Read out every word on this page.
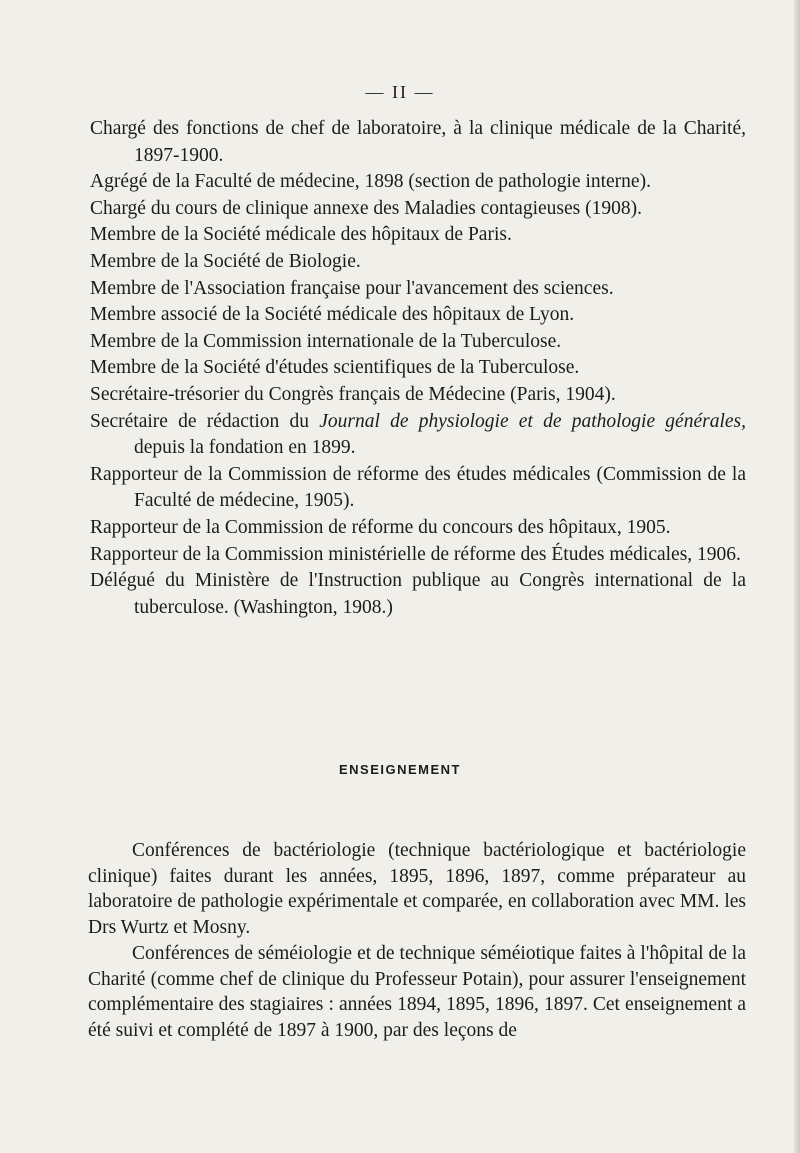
— II —
Chargé des fonctions de chef de laboratoire, à la clinique médicale de la Charité, 1897-1900.
Agrégé de la Faculté de médecine, 1898 (section de pathologie interne).
Chargé du cours de clinique annexe des Maladies contagieuses (1908).
Membre de la Société médicale des hôpitaux de Paris.
Membre de la Société de Biologie.
Membre de l'Association française pour l'avancement des sciences.
Membre associé de la Société médicale des hôpitaux de Lyon.
Membre de la Commission internationale de la Tuberculose.
Membre de la Société d'études scientifiques de la Tuberculose.
Secrétaire-trésorier du Congrès français de Médecine (Paris, 1904).
Secrétaire de rédaction du Journal de physiologie et de pathologie générales, depuis la fondation en 1899.
Rapporteur de la Commission de réforme des études médicales (Commission de la Faculté de médecine, 1905).
Rapporteur de la Commission de réforme du concours des hôpitaux, 1905.
Rapporteur de la Commission ministérielle de réforme des Études médicales, 1906.
Délégué du Ministère de l'Instruction publique au Congrès international de la tuberculose. (Washington, 1908.)
ENSEIGNEMENT

Conférences de bactériologie (technique bactériologique et bactériologie clinique) faites durant les années, 1895, 1896, 1897, comme préparateur au laboratoire de pathologie expérimentale et comparée, en collaboration avec MM. les Drs Wurtz et Mosny.

Conférences de séméiologie et de technique séméiotique faites à l'hôpital de la Charité (comme chef de clinique du Professeur Potain), pour assurer l'enseignement complémentaire des stagiaires : années 1894, 1895, 1896, 1897. Cet enseignement a été suivi et complété de 1897 à 1900, par des leçons de
